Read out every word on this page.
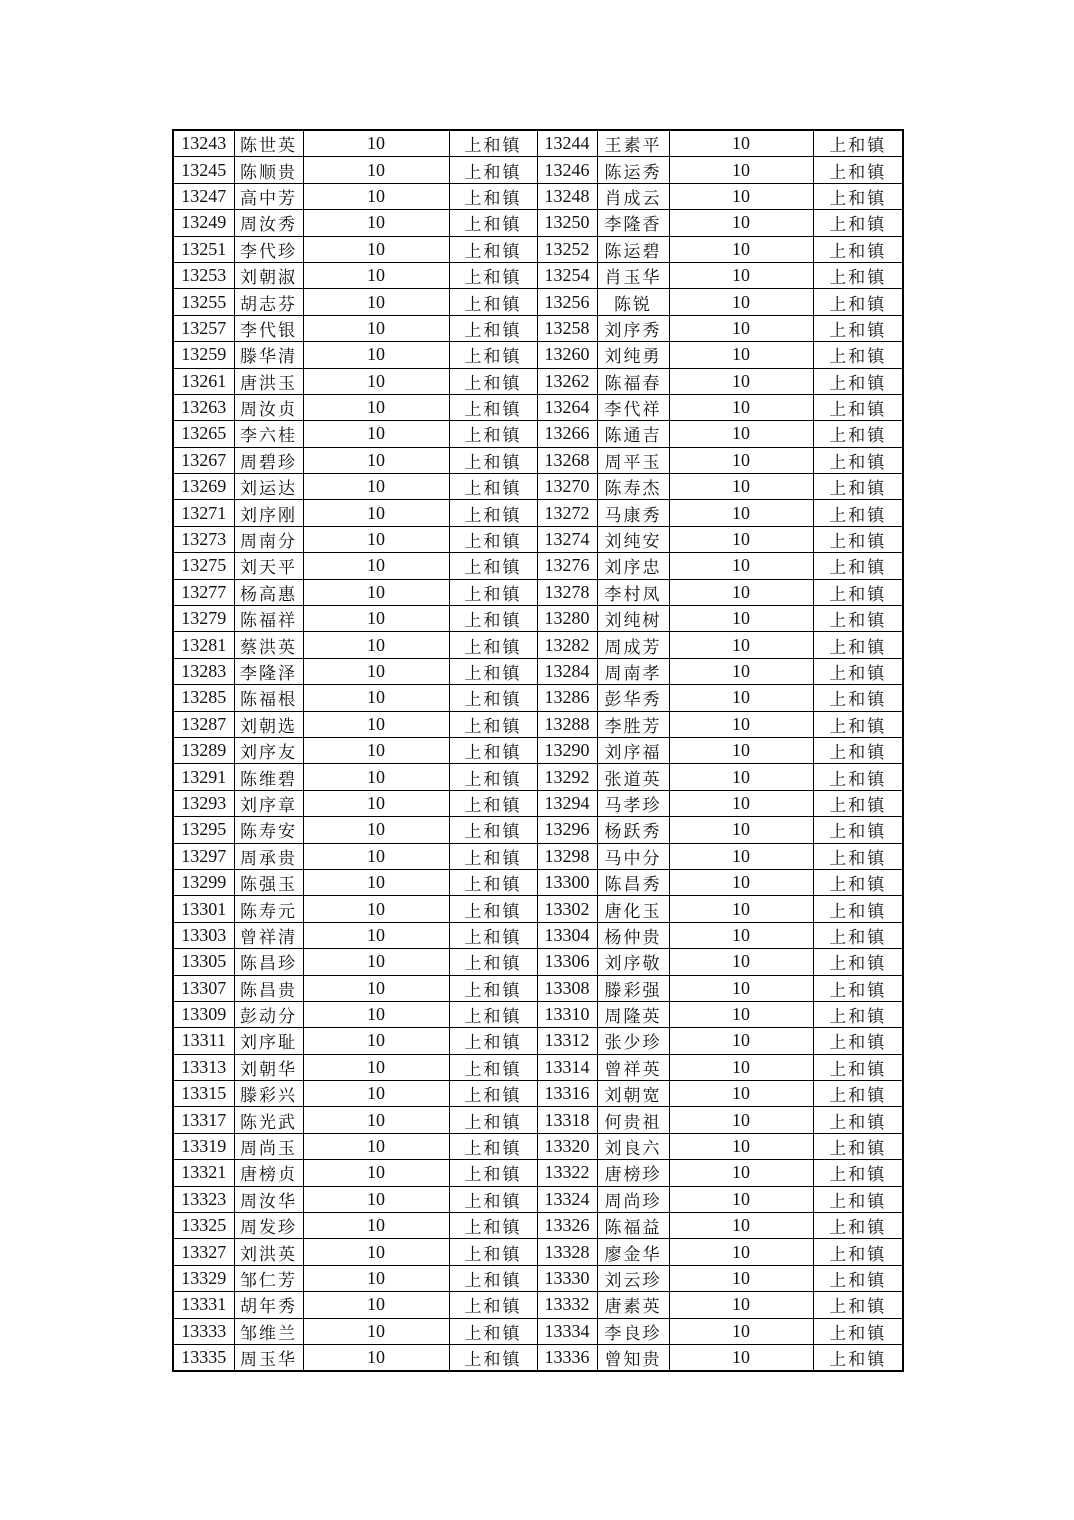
13243	陈世英	10	上和镇	13244	王素平	10	上和镇
13245	陈顺贵	10	上和镇	13246	陈运秀	10	上和镇
13247	高中芳	10	上和镇	13248	肖成云	10	上和镇
13249	周汝秀	10	上和镇	13250	李隆香	10	上和镇
13251	李代珍	10	上和镇	13252	陈运碧	10	上和镇
13253	刘朝淑	10	上和镇	13254	肖玉华	10	上和镇
13255	胡志芬	10	上和镇	13256	陈锐	10	上和镇
13257	李代银	10	上和镇	13258	刘序秀	10	上和镇
13259	滕华清	10	上和镇	13260	刘纯勇	10	上和镇
13261	唐洪玉	10	上和镇	13262	陈福春	10	上和镇
13263	周汝贞	10	上和镇	13264	李代祥	10	上和镇
13265	李六桂	10	上和镇	13266	陈通吉	10	上和镇
13267	周碧珍	10	上和镇	13268	周平玉	10	上和镇
13269	刘运达	10	上和镇	13270	陈寿杰	10	上和镇
13271	刘序刚	10	上和镇	13272	马康秀	10	上和镇
13273	周南分	10	上和镇	13274	刘纯安	10	上和镇
13275	刘天平	10	上和镇	13276	刘序忠	10	上和镇
13277	杨高惠	10	上和镇	13278	李村凤	10	上和镇
13279	陈福祥	10	上和镇	13280	刘纯树	10	上和镇
13281	蔡洪英	10	上和镇	13282	周成芳	10	上和镇
13283	李隆泽	10	上和镇	13284	周南孝	10	上和镇
13285	陈福根	10	上和镇	13286	彭华秀	10	上和镇
13287	刘朝选	10	上和镇	13288	李胜芳	10	上和镇
13289	刘序友	10	上和镇	13290	刘序福	10	上和镇
13291	陈维碧	10	上和镇	13292	张道英	10	上和镇
13293	刘序章	10	上和镇	13294	马孝珍	10	上和镇
13295	陈寿安	10	上和镇	13296	杨跃秀	10	上和镇
13297	周承贵	10	上和镇	13298	马中分	10	上和镇
13299	陈强玉	10	上和镇	13300	陈昌秀	10	上和镇
13301	陈寿元	10	上和镇	13302	唐化玉	10	上和镇
13303	曾祥清	10	上和镇	13304	杨仲贵	10	上和镇
13305	陈昌珍	10	上和镇	13306	刘序敬	10	上和镇
13307	陈昌贵	10	上和镇	13308	滕彩强	10	上和镇
13309	彭动分	10	上和镇	13310	周隆英	10	上和镇
13311	刘序耻	10	上和镇	13312	张少珍	10	上和镇
13313	刘朝华	10	上和镇	13314	曾祥英	10	上和镇
13315	滕彩兴	10	上和镇	13316	刘朝宽	10	上和镇
13317	陈光武	10	上和镇	13318	何贵祖	10	上和镇
13319	周尚玉	10	上和镇	13320	刘良六	10	上和镇
13321	唐榜贞	10	上和镇	13322	唐榜珍	10	上和镇
13323	周汝华	10	上和镇	13324	周尚珍	10	上和镇
13325	周发珍	10	上和镇	13326	陈福益	10	上和镇
13327	刘洪英	10	上和镇	13328	廖金华	10	上和镇
13329	邹仁芳	10	上和镇	13330	刘云珍	10	上和镇
13331	胡年秀	10	上和镇	13332	唐素英	10	上和镇
13333	邹维兰	10	上和镇	13334	李良珍	10	上和镇
13335	周玉华	10	上和镇	13336	曾知贵	10	上和镇
